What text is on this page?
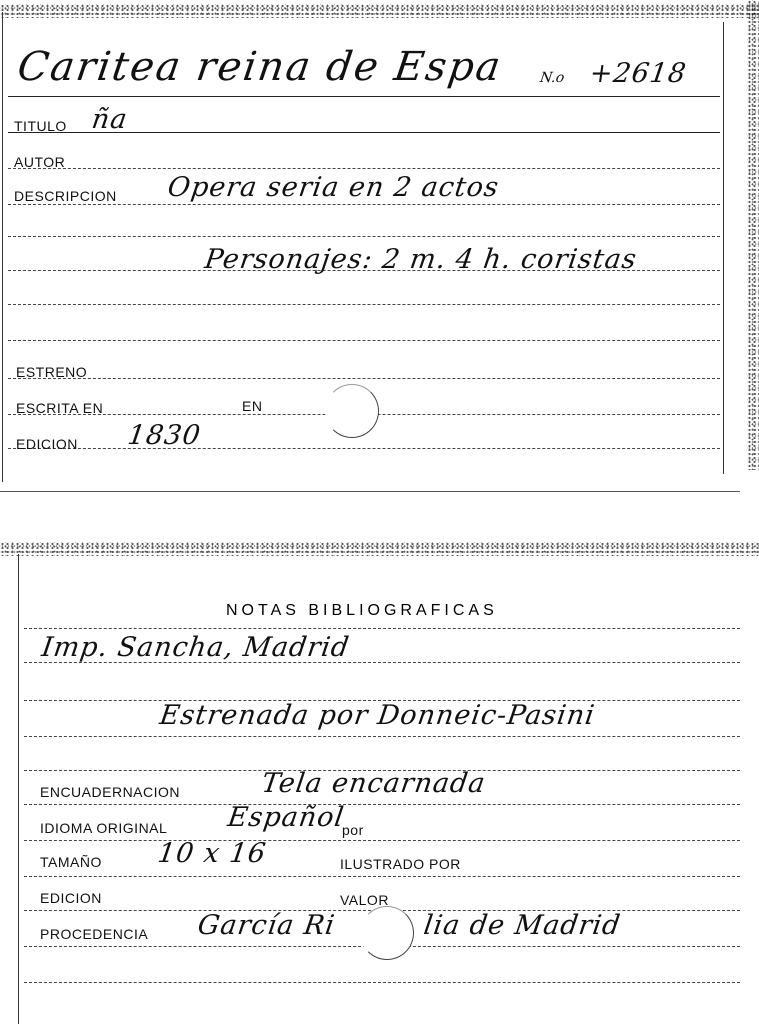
Caritea reina de Espa N.o +2618
TITULO ña
AUTOR
DESCRIPCION Opera seria en 2 actos
Personajes: 2 m. 4 h. coristas
ESTRENO
ESCRITA EN	EN
EDICION 1830
NOTAS BIBLIOGRAFICAS
Imp. Sancha, Madrid
Estrenada por Donneic-Pasini
ENCUADERNACION	Tela encarnada
IDIOMA ORIGINAL Español
por
TAMAÑO 10 x 16	ILUSTRADO POR
EDICION	VALOR
PROCEDENCIA García Ri	lia de Madrid
